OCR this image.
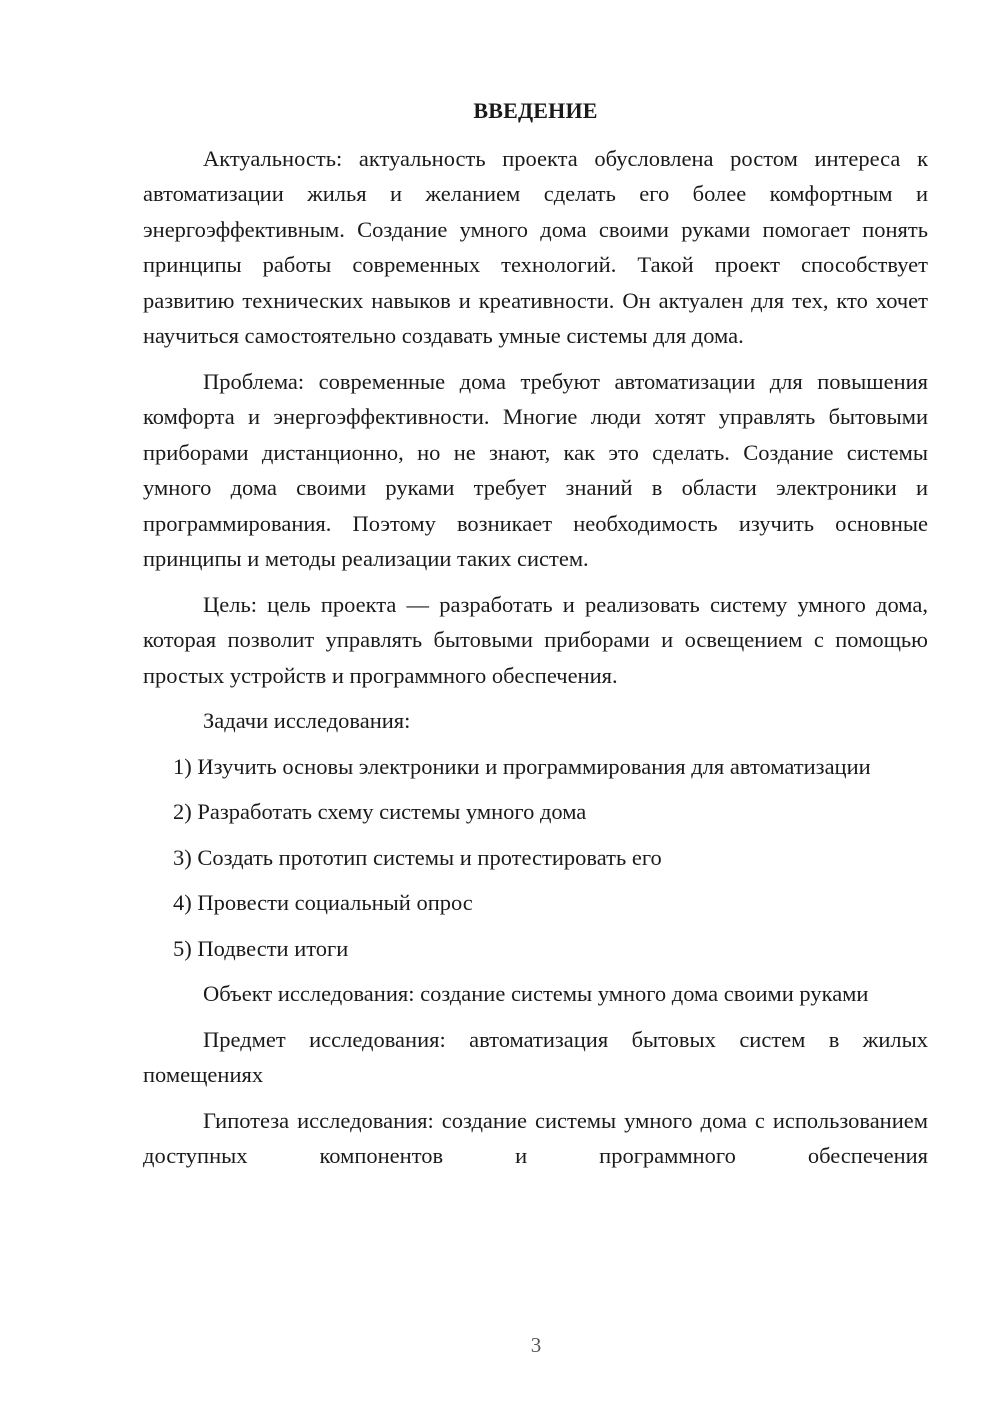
ВВЕДЕНИЕ

Актуальность: актуальность проекта обусловлена ростом интереса к автоматизации жилья и желанием сделать его более комфортным и энергоэффективным. Создание умного дома своими руками помогает понять принципы работы современных технологий. Такой проект способствует развитию технических навыков и креативности. Он актуален для тех, кто хочет научиться самостоятельно создавать умные системы для дома.

Проблема: современные дома требуют автоматизации для повышения комфорта и энергоэффективности. Многие люди хотят управлять бытовыми приборами дистанционно, но не знают, как это сделать. Создание системы умного дома своими руками требует знаний в области электроники и программирования. Поэтому возникает необходимость изучить основные принципы и методы реализации таких систем.

Цель: цель проекта — разработать и реализовать систему умного дома, которая позволит управлять бытовыми приборами и освещением с помощью простых устройств и программного обеспечения.

Задачи исследования:

1) Изучить основы электроники и программирования для автоматизации

2) Разработать схему системы умного дома

3) Создать прототип системы и протестировать его

4) Провести социальный опрос

5) Подвести итоги

Объект исследования: создание системы умного дома своими руками

Предмет исследования: автоматизация бытовых систем в жилых помещениях

Гипотеза исследования: создание системы умного дома с использованием доступных компонентов и программного обеспечения

3
